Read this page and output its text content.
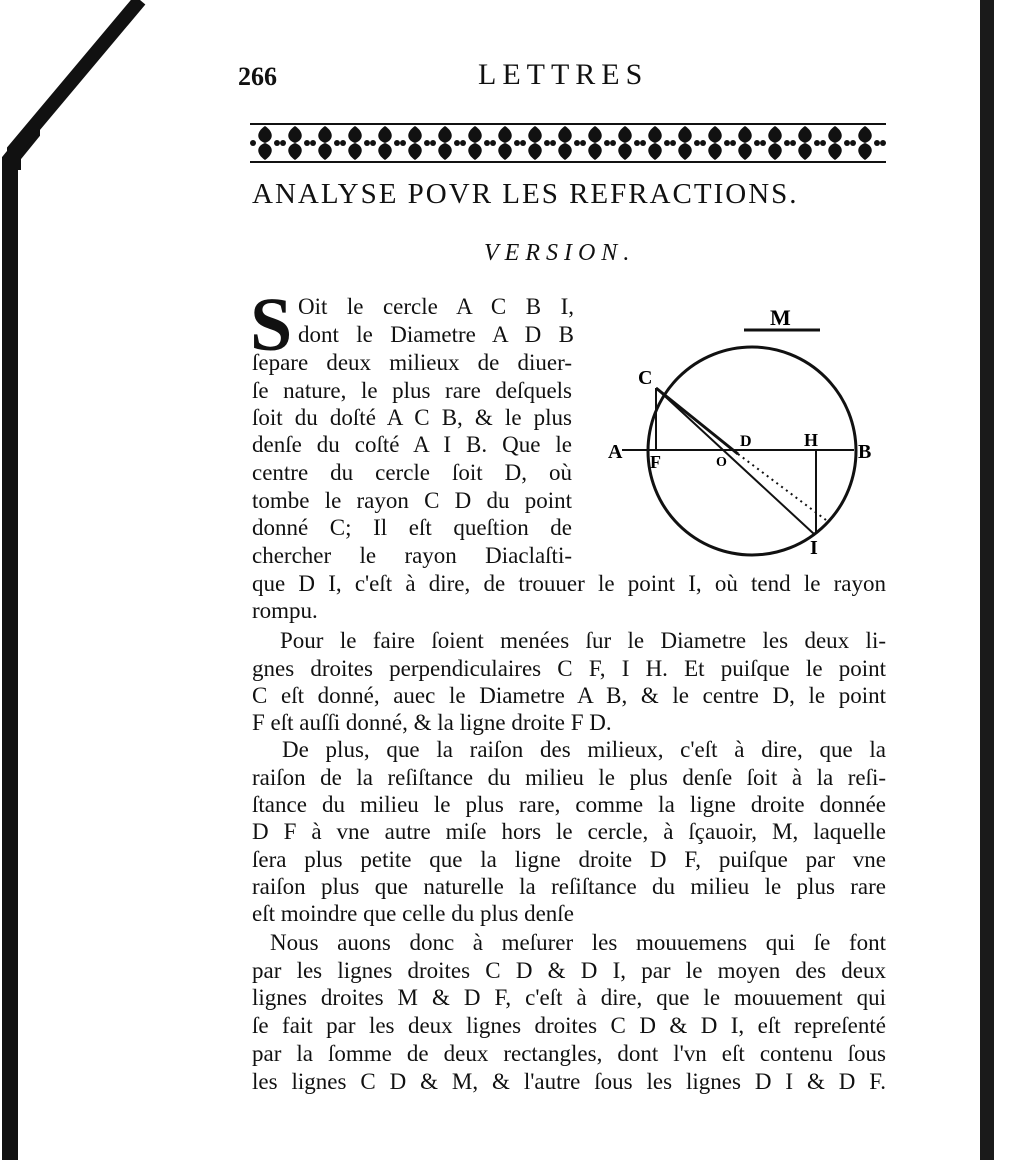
266	LETTRES
ANALYSE POVR LES REFRACTIONS.
VERSION.
S Oit le cercle A C B I,
dont le Diametre A D B
ſepare deux milieux de diuer-
ſe nature, le plus rare deſquels
ſoit du doſté A C B, & le plus
denſe du coſté A I B. Que le
centre du cercle ſoit D, où
tombe le rayon C D du point
donné C; Il eſt queſtion de
chercher le rayon Diaclaſti-
que D I, c'eſt à dire, de trouuer le point I, où tend le rayon
rompu.
Pour le faire ſoient menées ſur le Diametre les deux li-
gnes droites perpendiculaires C F, I H. Et puiſque le point
C eſt donné, auec le Diametre A B, & le centre D, le point
F eſt auſſi donné, & la ligne droite F D.
De plus, que la raiſon des milieux, c'eſt à dire, que la
raiſon de la reſiſtance du milieu le plus denſe ſoit à la reſi-
ſtance du milieu le plus rare, comme la ligne droite donnée
D F à vne autre miſe hors le cercle, à ſçauoir, M, laquelle
ſera plus petite que la ligne droite D F, puiſque par vne
raiſon plus que naturelle la reſiſtance du milieu le plus rare
eſt moindre que celle du plus denſe
Nous auons donc à meſurer les mouuemens qui ſe font
par les lignes droites C D & D I, par le moyen des deux
lignes droites M & D F, c'eſt à dire, que le mouuement qui
ſe fait par les deux lignes droites C D & D I, eſt repreſenté
par la ſomme de deux rectangles, dont l'vn eſt contenu ſous
les lignes C D & M, & l'autre ſous les lignes D I & D F.
M
C
A F	O
D	H
B
I
